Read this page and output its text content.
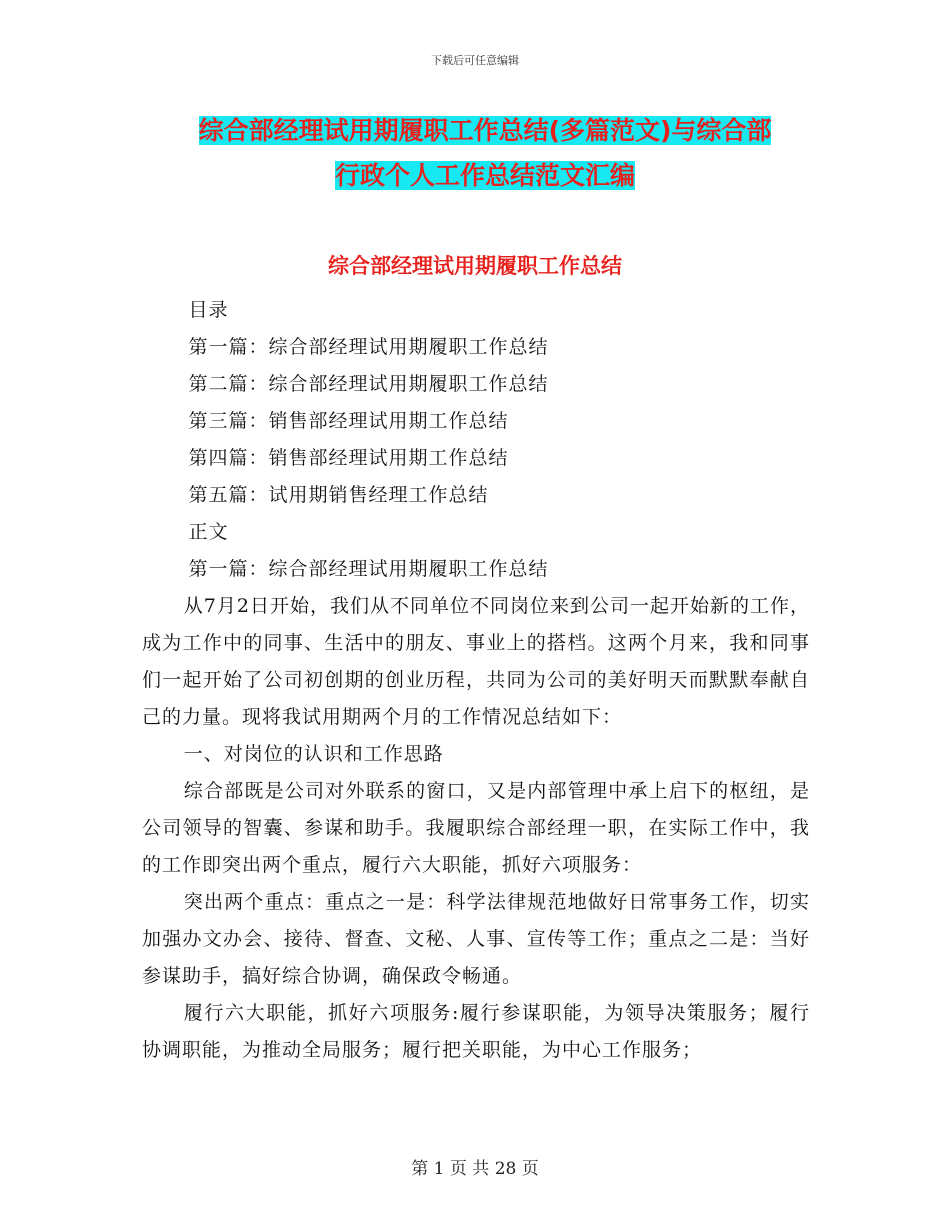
下载后可任意编辑
综合部经理试用期履职工作总结(多篇范文)与综合部
行政个人工作总结范文汇编
综合部经理试用期履职工作总结

目录

第一篇：综合部经理试用期履职工作总结

第二篇：综合部经理试用期履职工作总结

第三篇：销售部经理试用期工作总结

第四篇：销售部经理试用期工作总结

第五篇：试用期销售经理工作总结

正文

第一篇：综合部经理试用期履职工作总结

从7月2日开始，我们从不同单位不同岗位来到公司一起开始新的工作，成为工作中的同事、生活中的朋友、事业上的搭档。这两个月来，我和同事们一起开始了公司初创期的创业历程，共同为公司的美好明天而默默奉献自己的力量。现将我试用期两个月的工作情况总结如下：

一、对岗位的认识和工作思路

综合部既是公司对外联系的窗口，又是内部管理中承上启下的枢纽，是公司领导的智囊、参谋和助手。我履职综合部经理一职，在实际工作中，我的工作即突出两个重点，履行六大职能，抓好六项服务：

突出两个重点：重点之一是：科学法律规范地做好日常事务工作，切实加强办文办会、接待、督查、文秘、人事、宣传等工作；重点之二是：当好参谋助手，搞好综合协调，确保政令畅通。

履行六大职能，抓好六项服务:履行参谋职能，为领导决策服务；履行协调职能，为推动全局服务；履行把关职能，为中心工作服务；

第 1 页 共 28 页
